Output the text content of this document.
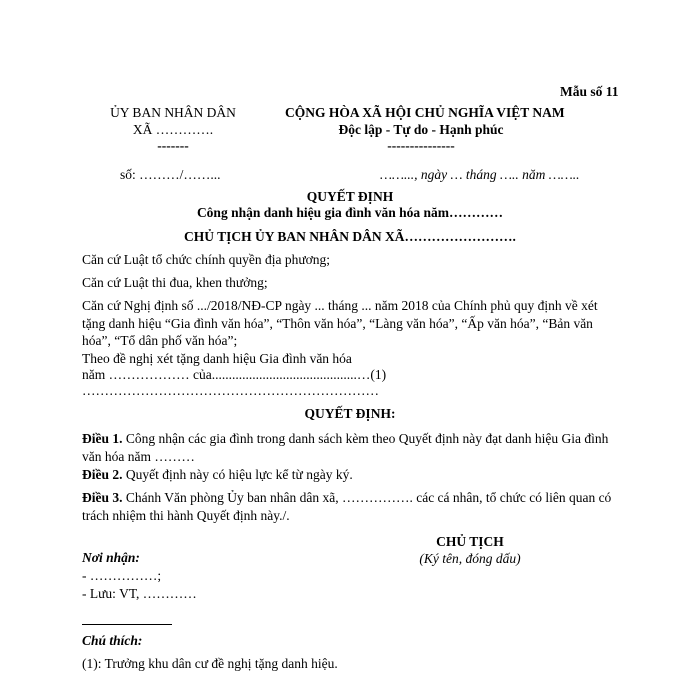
Mẫu số 11
ỦY BAN NHÂN DÂN
XÃ ………….
-------
số: ………/……...
CỘNG HÒA XÃ HỘI CHỦ NGHĨA VIỆT NAM
Độc lập - Tự do - Hạnh phúc
---------------
……..., ngày … tháng ….. năm ……..
QUYẾT ĐỊNH
Công nhận danh hiệu gia đình văn hóa năm…………
CHỦ TỊCH ỦY BAN NHÂN DÂN XÃ…………………….
Căn cứ Luật tổ chức chính quyền địa phương;
Căn cứ Luật thi đua, khen thưởng;
Căn cứ Nghị định số .../2018/NĐ-CP ngày ... tháng ... năm 2018 của Chính phủ quy định về xét tặng danh hiệu “Gia đình văn hóa”, “Thôn văn hóa”, “Làng văn hóa”, “Ấp văn hóa”, “Bản văn hóa”, “Tổ dân phố văn hóa”;
Theo đề nghị xét tặng danh hiệu Gia đình văn hóa
năm ……………… của...........................................…(1)
…………………………………………………………
QUYẾT ĐỊNH:
Điều 1. Công nhận các gia đình trong danh sách kèm theo Quyết định này đạt danh hiệu Gia đình văn hóa năm ………
Điều 2. Quyết định này có hiệu lực kể từ ngày ký.
Điều 3. Chánh Văn phòng Ủy ban nhân dân xã, ……………. các cá nhân, tổ chức có liên quan có trách nhiệm thi hành Quyết định này./.
CHỦ TỊCH
(Ký tên, đóng dấu)
Nơi nhận:
- ……………;
- Lưu: VT, …………
Chú thích:
(1): Trưởng khu dân cư đề nghị tặng danh hiệu.
